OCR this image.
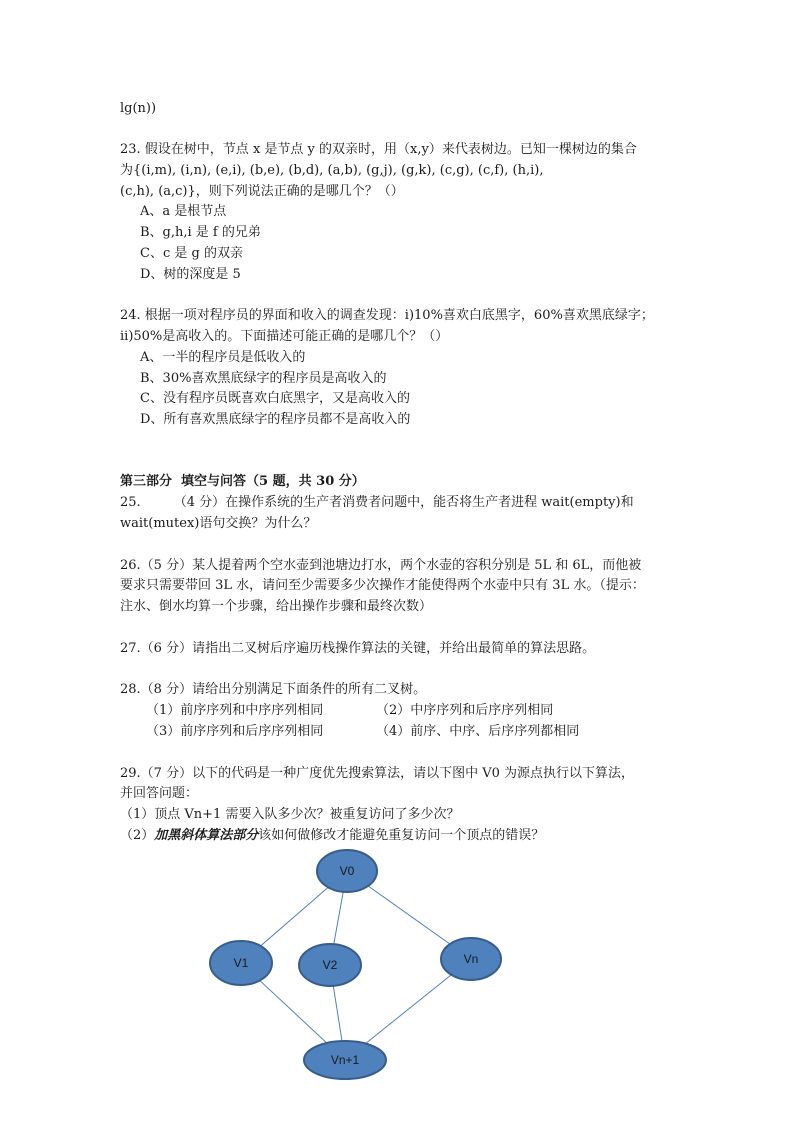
lg(n))
23. 假设在树中，节点 x 是节点 y 的双亲时，用（x,y）来代表树边。已知一棵树边的集合
为{(i,m), (i,n), (e,i), (b,e), (b,d), (a,b), (g,j), (g,k), (c,g), (c,f), (h,i),
(c,h), (a,c)}，则下列说法正确的是哪几个？（）
A、a 是根节点
B、g,h,i 是 f 的兄弟
C、c 是 g 的双亲
D、树的深度是 5
24. 根据一项对程序员的界面和收入的调查发现：i)10%喜欢白底黑字，60%喜欢黑底绿字；
ii)50%是高收入的。下面描述可能正确的是哪几个？（）
A、一半的程序员是低收入的
B、30%喜欢黑底绿字的程序员是高收入的
C、没有程序员既喜欢白底黑字，又是高收入的
D、所有喜欢黑底绿字的程序员都不是高收入的
第三部分  填空与问答（5 题，共 30 分）
25.        （4 分）在操作系统的生产者消费者问题中，能否将生产者进程 wait(empty)和
wait(mutex)语句交换？为什么？
26.（5 分）某人提着两个空水壶到池塘边打水，两个水壶的容积分别是 5L 和 6L，而他被
要求只需要带回 3L 水，请问至少需要多少次操作才能使得两个水壶中只有 3L 水。（提示：
注水、倒水均算一个步骤，给出操作步骤和最终次数）
27.（6 分）请指出二叉树后序遍历栈操作算法的关键，并给出最简单的算法思路。
28.（8 分）请给出分别满足下面条件的所有二叉树。
（1）前序序列和中序序列相同	（2）中序序列和后序序列相同
（3）前序序列和后序序列相同	（4）前序、中序、后序序列都相同
29.（7 分）以下的代码是一种广度优先搜索算法，请以下图中 V0 为源点执行以下算法，
并回答问题：
（1）顶点 Vn+1 需要入队多少次？被重复访问了多少次？
（2）加黑斜体算法部分该如何做修改才能避免重复访问一个顶点的错误？
V0
V1	V2	Vn
Vn+1
